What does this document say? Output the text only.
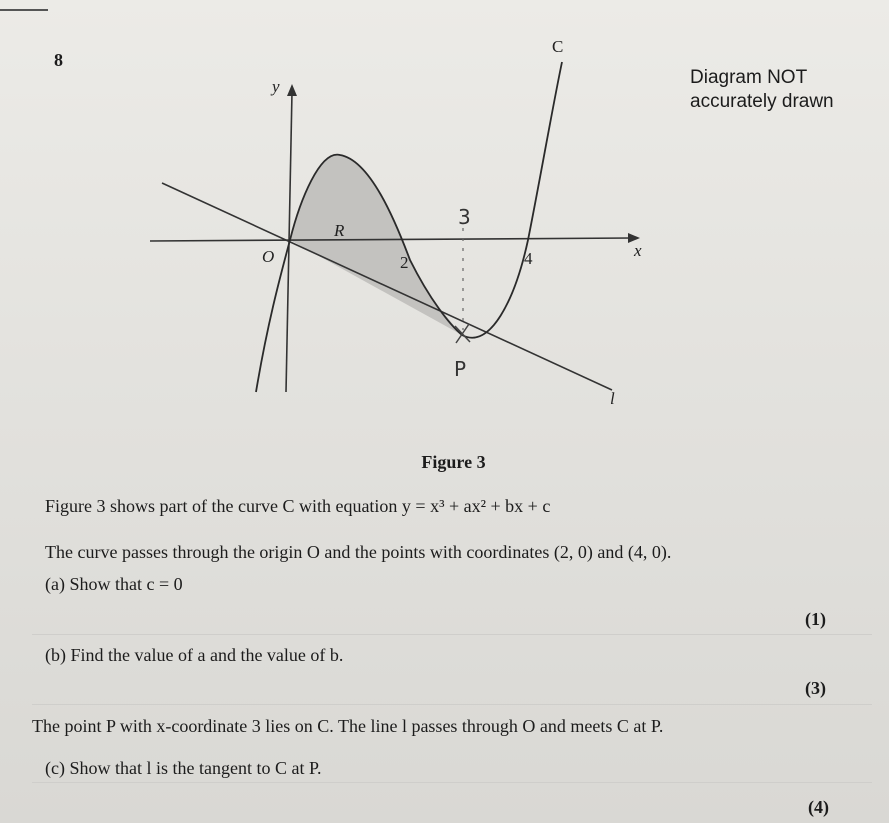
8
Diagram NOT
accurately drawn
C
y
x
O
R
2	4
l
3
P
Figure 3
Figure 3 shows part of the curve C with equation y = x³ + ax² + bx + c
The curve passes through the origin O and the points with coordinates (2, 0) and (4, 0).
(a) Show that c = 0
(1)
(b) Find the value of a and the value of b.
(3)
The point P with x-coordinate 3 lies on C. The line l passes through O and meets C at P.
(c) Show that l is the tangent to C at P.
(4)
